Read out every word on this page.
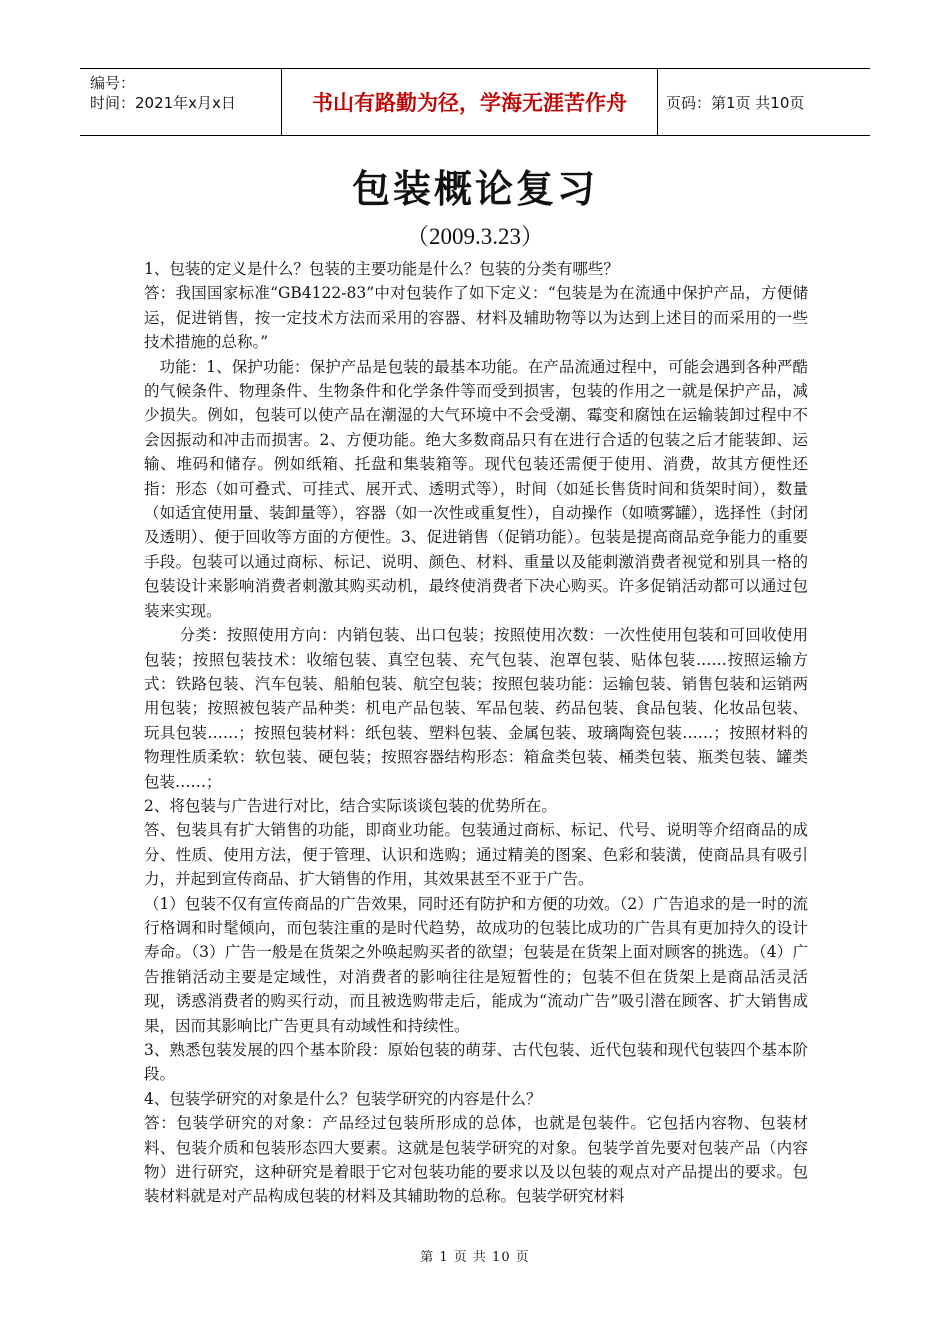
编号：
时间：2021年x月x日	书山有路勤为径，学海无涯苦作舟	页码：第1页 共10页
包装概论复习
（2009.3.23）

1、包装的定义是什么？包装的主要功能是什么？包装的分类有哪些？

答：我国国家标准“GB4122-83”中对包装作了如下定义：“包装是为在流通中保护产品，方便储运，促进销售，按一定技术方法而采用的容器、材料及辅助物等以为达到上述目的而采用的一些技术措施的总称。”

功能：1、保护功能：保护产品是包装的最基本功能。在产品流通过程中，可能会遇到各种严酷的气候条件、物理条件、生物条件和化学条件等而受到损害，包装的作用之一就是保护产品，减少损失。例如，包装可以使产品在潮湿的大气环境中不会受潮、霉变和腐蚀在运输装卸过程中不会因振动和冲击而损害。2、方便功能。绝大多数商品只有在进行合适的包装之后才能装卸、运输、堆码和储存。例如纸箱、托盘和集装箱等。现代包装还需便于使用、消费，故其方便性还指：形态（如可叠式、可挂式、展开式、透明式等），时间（如延长售货时间和货架时间），数量（如适宜使用量、装卸量等），容器（如一次性或重复性），自动操作（如喷雾罐），选择性（封闭及透明）、便于回收等方面的方便性。3、促进销售（促销功能）。包装是提高商品竞争能力的重要手段。包装可以通过商标、标记、说明、颜色、材料、重量以及能刺激消费者视觉和别具一格的包装设计来影响消费者刺激其购买动机，最终使消费者下决心购买。许多促销活动都可以通过包装来实现。

分类：按照使用方向：内销包装、出口包装；按照使用次数：一次性使用包装和可回收使用包装；按照包装技术：收缩包装、真空包装、充气包装、泡罩包装、贴体包装……按照运输方式：铁路包装、汽车包装、船舶包装、航空包装；按照包装功能：运输包装、销售包装和运销两用包装；按照被包装产品种类：机电产品包装、军品包装、药品包装、食品包装、化妆品包装、玩具包装……；按照包装材料：纸包装、塑料包装、金属包装、玻璃陶瓷包装……；按照材料的物理性质柔软：软包装、硬包装；按照容器结构形态：箱盒类包装、桶类包装、瓶类包装、罐类包装……；

2、将包装与广告进行对比，结合实际谈谈包装的优势所在。

答、包装具有扩大销售的功能，即商业功能。包装通过商标、标记、代号、说明等介绍商品的成分、性质、使用方法，便于管理、认识和选购；通过精美的图案、色彩和装潢，使商品具有吸引力，并起到宣传商品、扩大销售的作用，其效果甚至不亚于广告。

（1）包装不仅有宣传商品的广告效果，同时还有防护和方便的功效。（2）广告追求的是一时的流行格调和时髦倾向，而包装注重的是时代趋势，故成功的包装比成功的广告具有更加持久的设计寿命。（3）广告一般是在货架之外唤起购买者的欲望；包装是在货架上面对顾客的挑选。（4）广告推销活动主要是定域性，对消费者的影响往往是短暂性的；包装不但在货架上是商品活灵活现，诱惑消费者的购买行动，而且被选购带走后，能成为“流动广告”吸引潜在顾客、扩大销售成果，因而其影响比广告更具有动域性和持续性。

3、熟悉包装发展的四个基本阶段：原始包装的萌芽、古代包装、近代包装和现代包装四个基本阶段。

4、包装学研究的对象是什么？包装学研究的内容是什么？

答：包装学研究的对象：产品经过包装所形成的总体，也就是包装件。它包括内容物、包装材料、包装介质和包装形态四大要素。这就是包装学研究的对象。包装学首先要对包装产品（内容物）进行研究，这种研究是着眼于它对包装功能的要求以及以包装的观点对产品提出的要求。包装材料就是对产品构成包装的材料及其辅助物的总称。包装学研究材料

第 1 页 共 10 页
